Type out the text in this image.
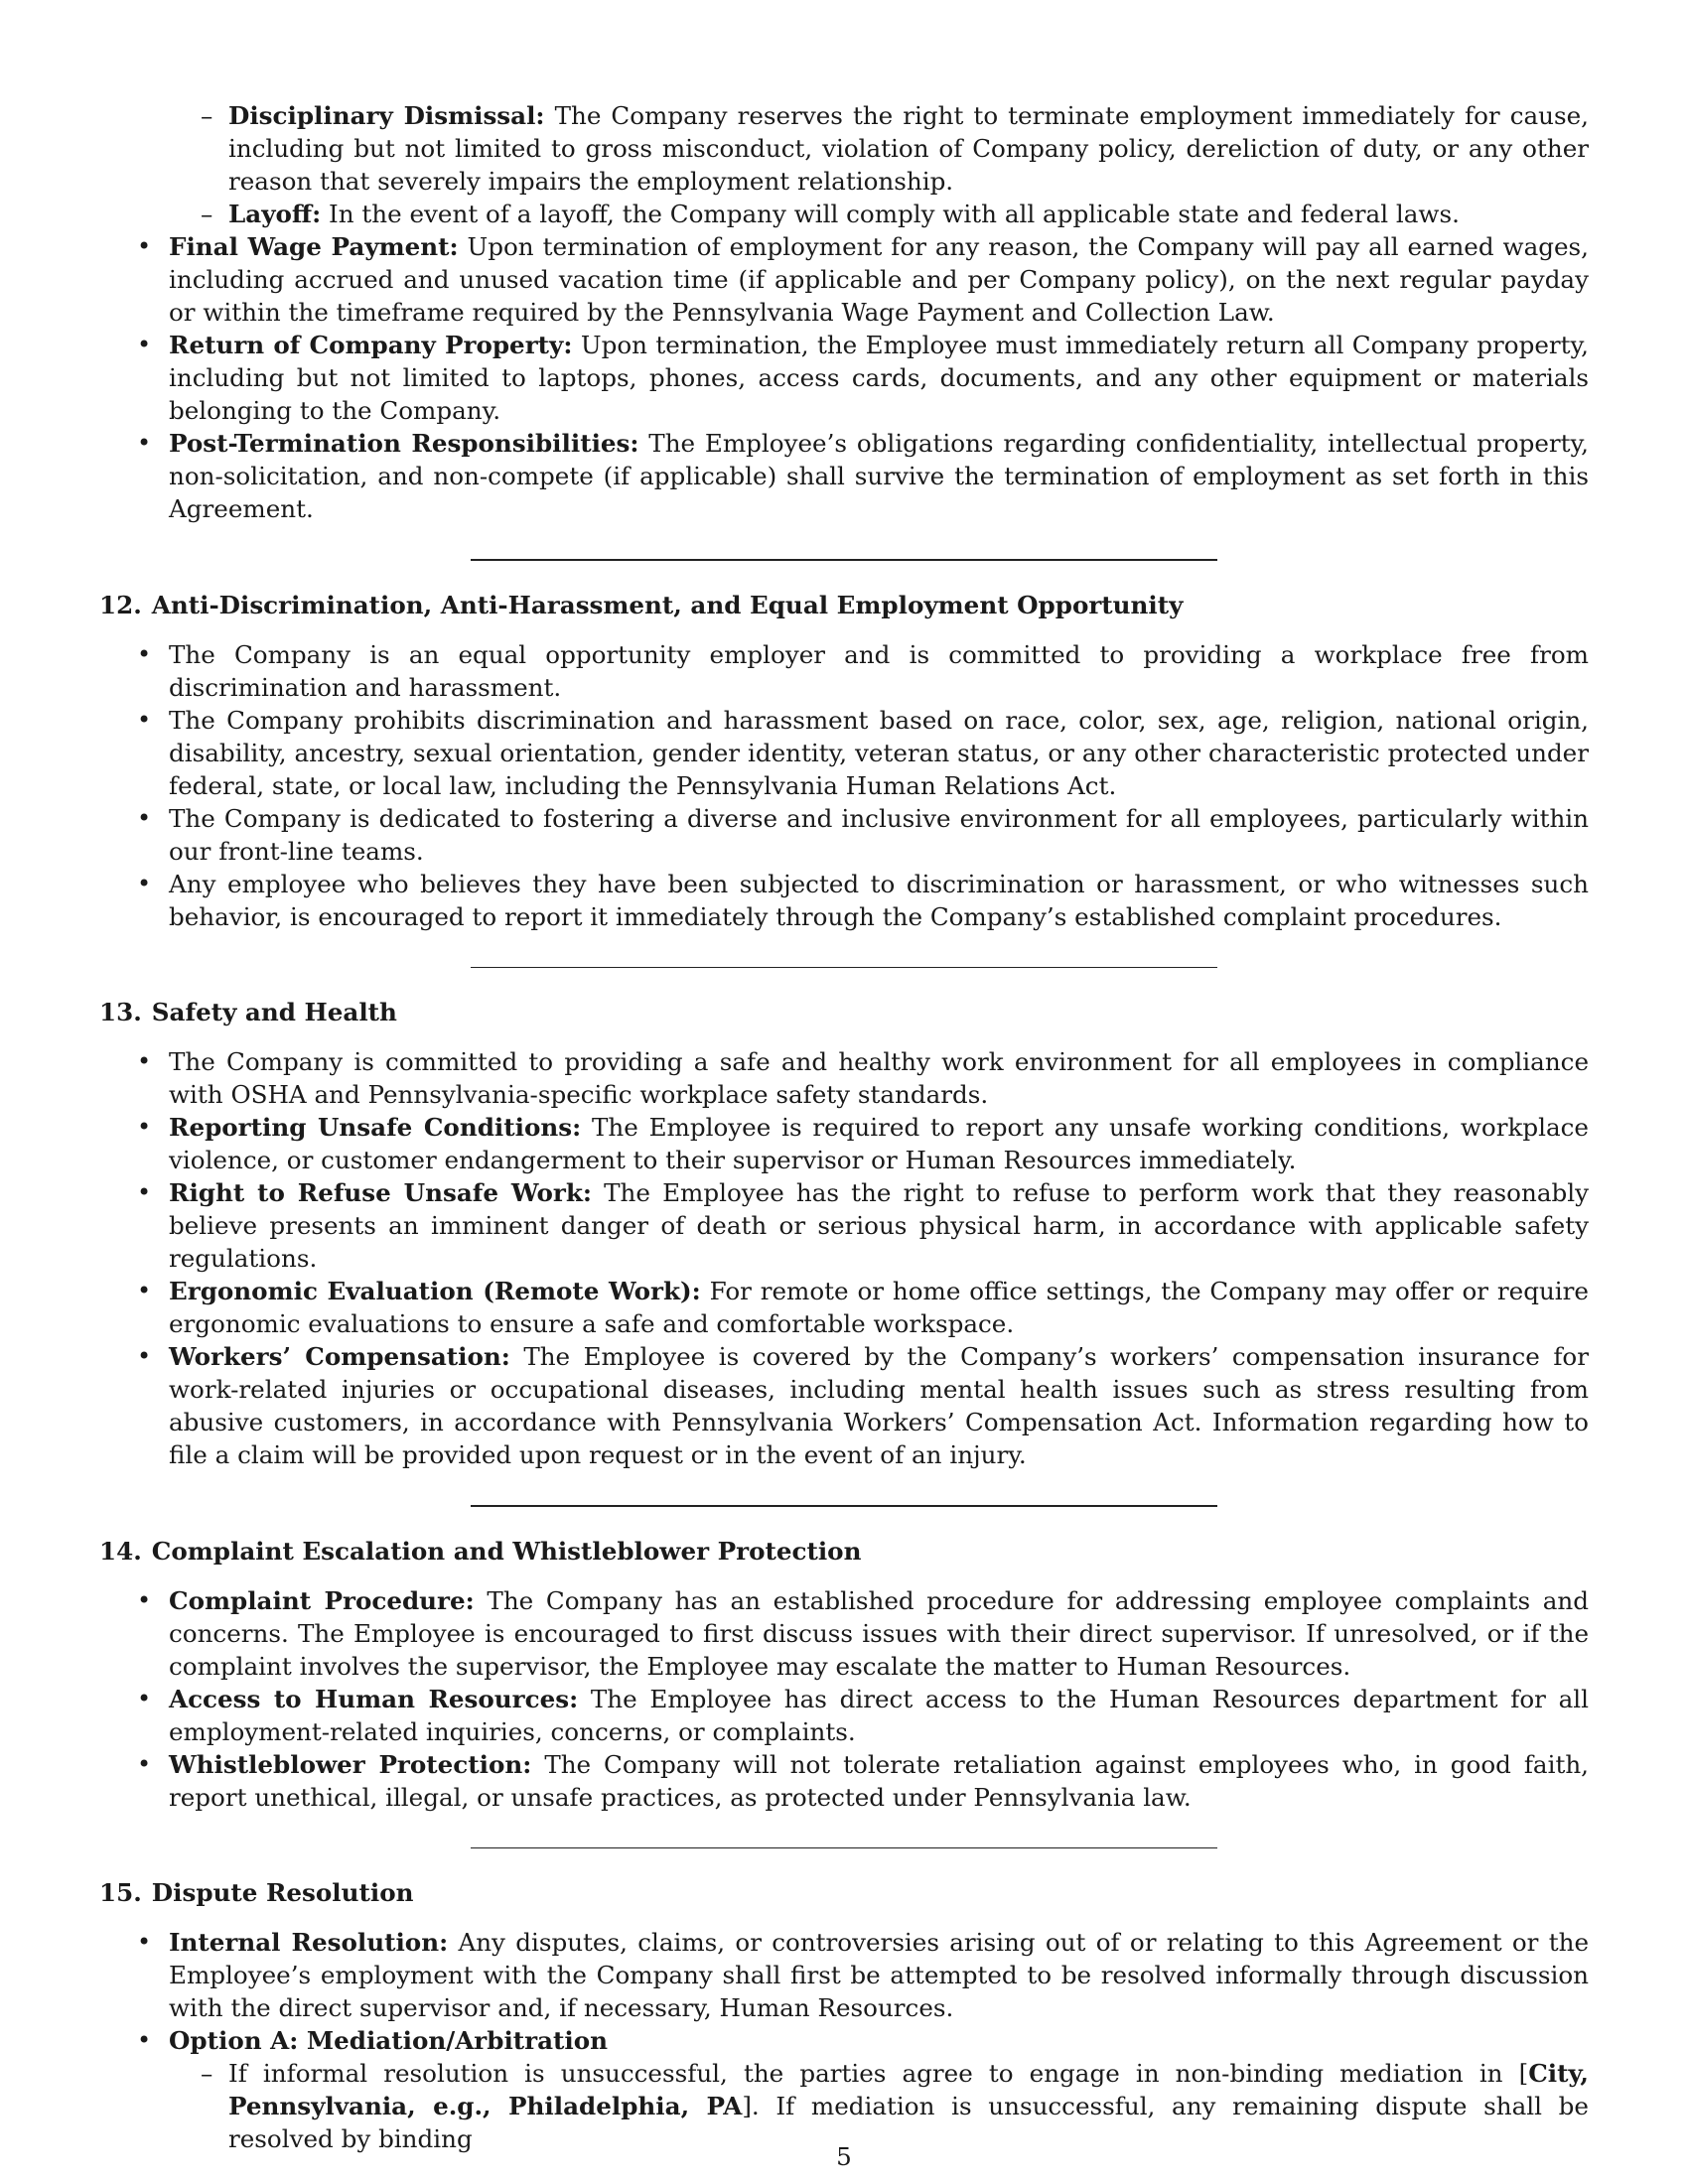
– Disciplinary Dismissal: The Company reserves the right to terminate employment immediately for cause, including but not limited to gross misconduct, violation of Company policy, dereliction of duty, or any other reason that severely impairs the employment relationship.
– Layoff: In the event of a layoff, the Company will comply with all applicable state and federal laws.
• Final Wage Payment: Upon termination of employment for any reason, the Company will pay all earned wages, including accrued and unused vacation time (if applicable and per Company policy), on the next regular payday or within the timeframe required by the Pennsylvania Wage Payment and Collection Law.
• Return of Company Property: Upon termination, the Employee must immediately return all Company property, including but not limited to laptops, phones, access cards, documents, and any other equipment or materials belonging to the Company.
• Post-Termination Responsibilities: The Employee’s obligations regarding confidentiality, intellectual property, non-solicitation, and non-compete (if applicable) shall survive the termination of employment as set forth in this Agreement.
12. Anti-Discrimination, Anti-Harassment, and Equal Employment Opportunity
• The Company is an equal opportunity employer and is committed to providing a workplace free from discrimination and harassment.
• The Company prohibits discrimination and harassment based on race, color, sex, age, religion, national origin, disability, ancestry, sexual orientation, gender identity, veteran status, or any other characteristic protected under federal, state, or local law, including the Pennsylvania Human Relations Act.
• The Company is dedicated to fostering a diverse and inclusive environment for all employees, particularly within our front-line teams.
• Any employee who believes they have been subjected to discrimination or harassment, or who witnesses such behavior, is encouraged to report it immediately through the Company’s established complaint procedures.
13. Safety and Health
• The Company is committed to providing a safe and healthy work environment for all employees in compliance with OSHA and Pennsylvania-specific workplace safety standards.
• Reporting Unsafe Conditions: The Employee is required to report any unsafe working conditions, workplace violence, or customer endangerment to their supervisor or Human Resources immediately.
• Right to Refuse Unsafe Work: The Employee has the right to refuse to perform work that they reasonably believe presents an imminent danger of death or serious physical harm, in accordance with applicable safety regulations.
• Ergonomic Evaluation (Remote Work): For remote or home office settings, the Company may offer or require ergonomic evaluations to ensure a safe and comfortable workspace.
• Workers’ Compensation: The Employee is covered by the Company’s workers’ compensation insurance for work-related injuries or occupational diseases, including mental health issues such as stress resulting from abusive customers, in accordance with Pennsylvania Workers’ Compensation Act. Information regarding how to file a claim will be provided upon request or in the event of an injury.
14. Complaint Escalation and Whistleblower Protection
• Complaint Procedure: The Company has an established procedure for addressing employee complaints and concerns. The Employee is encouraged to first discuss issues with their direct supervisor. If unresolved, or if the complaint involves the supervisor, the Employee may escalate the matter to Human Resources.
• Access to Human Resources: The Employee has direct access to the Human Resources department for all employment-related inquiries, concerns, or complaints.
• Whistleblower Protection: The Company will not tolerate retaliation against employees who, in good faith, report unethical, illegal, or unsafe practices, as protected under Pennsylvania law.
15. Dispute Resolution
• Internal Resolution: Any disputes, claims, or controversies arising out of or relating to this Agreement or the Employee’s employment with the Company shall first be attempted to be resolved informally through discussion with the direct supervisor and, if necessary, Human Resources.
• Option A: Mediation/Arbitration
– If informal resolution is unsuccessful, the parties agree to engage in non-binding mediation in [City, Pennsylvania, e.g., Philadelphia, PA]. If mediation is unsuccessful, any remaining dispute shall be resolved by binding
5
